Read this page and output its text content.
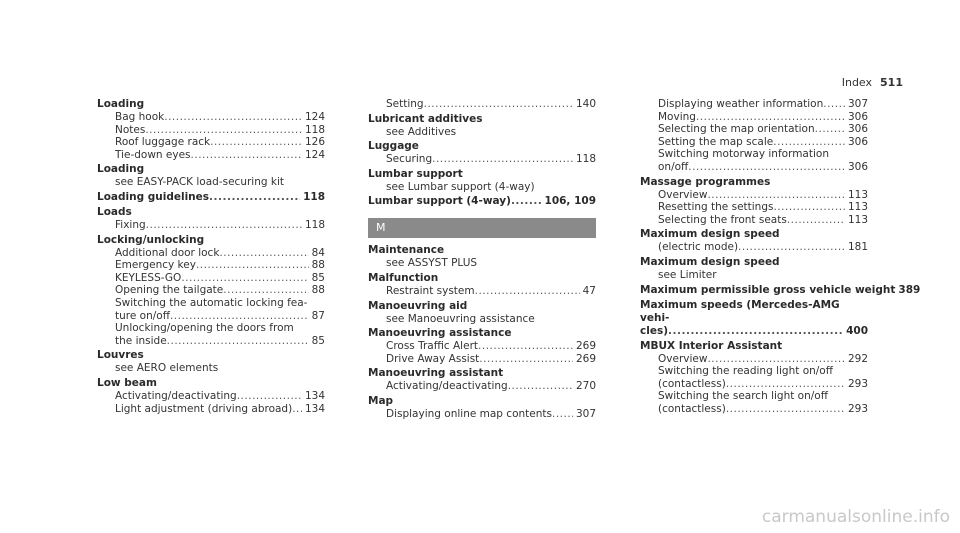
Index 511
Loading
Bag hook .....	124
Notes .....	118
Roof luggage rack .....	126
Tie-down eyes .....	124
Loading
see EASY-PACK load-securing kit
Loading guidelines .....	118
Loads
Fixing .....	118
Locking/unlocking
Additional door lock .....	84
Emergency key .....	88
KEYLESS-GO .....	85
Opening the tailgate .....	88
Switching the automatic locking fea-
ture on/off .....	87
Unlocking/opening the doors from
the inside .....	85
Louvres
see AERO elements
Low beam
Activating/deactivating .....	134
Light adjustment (driving abroad) ..... 134
Setting .....	140
Lubricant additives
see Additives
Luggage
Securing .....	118
Lumbar support
see Lumbar support (4-way)
Lumbar support (4-way) .....	106, 109
M
Maintenance
see ASSYST PLUS
Malfunction
Restraint system .....	47
Manoeuvring aid
see Manoeuvring assistance
Manoeuvring assistance
Cross Traffic Alert .....	269
Drive Away Assist .....	269
Manoeuvring assistant
Activating/deactivating .....	270
Map
Displaying online map contents ..... 307
Displaying weather information ..... 307
Moving .....	306
Selecting the map orientation .....	306
Setting the map scale .....	306
Switching motorway information
on/off .....	306
Massage programmes
Overview .....	113
Resetting the settings .....	113
Selecting the front seats .....	113
Maximum design speed
(electric mode) .....	181
Maximum design speed
see Limiter
Maximum permissible gross vehicle weight 389
Maximum speeds (Mercedes-AMG vehi-
cles) .....	400
MBUX Interior Assistant
Overview .....	292
Switching the reading light on/off
(contactless) .....	293
Switching the search light on/off
(contactless) .....	293
carmanualsonline.info
